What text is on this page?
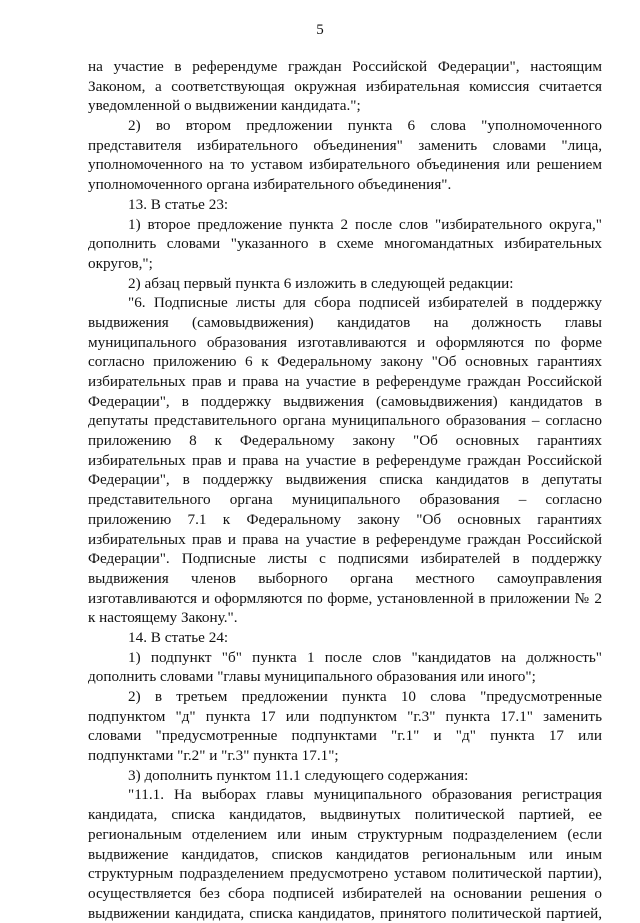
5
на участие в референдуме граждан Российской Федерации", настоящим
Законом, а соответствующая окружная избирательная комиссия считается
уведомленной о выдвижении кандидата.";
2) во втором предложении пункта 6 слова "уполномоченного
представителя избирательного объединения" заменить словами "лица,
уполномоченного на то уставом избирательного объединения или решением
уполномоченного органа избирательного объединения".
13. В статье 23:
1) второе предложение пункта 2 после слов "избирательного округа,"
дополнить словами "указанного в схеме многомандатных избирательных
округов,";
2) абзац первый пункта 6 изложить в следующей редакции:
"6. Подписные листы для сбора подписей избирателей в поддержку
выдвижения (самовыдвижения) кандидатов на должность главы
муниципального образования изготавливаются и оформляются по форме
согласно приложению 6 к Федеральному закону "Об основных гарантиях
избирательных прав и права на участие в референдуме граждан Российской
Федерации", в поддержку выдвижения (самовыдвижения) кандидатов в
депутаты представительного органа муниципального образования – согласно
приложению 8 к Федеральному закону "Об основных гарантиях
избирательных прав и права на участие в референдуме граждан Российской
Федерации", в поддержку выдвижения списка кандидатов в депутаты
представительного органа муниципального образования – согласно
приложению 7.1 к Федеральному закону "Об основных гарантиях
избирательных прав и права на участие в референдуме граждан Российской
Федерации". Подписные листы с подписями избирателей в поддержку
выдвижения членов выборного органа местного самоуправления
изготавливаются и оформляются по форме, установленной в приложении № 2
к настоящему Закону.".
14. В статье 24:
1) подпункт "б" пункта 1 после слов "кандидатов на должность"
дополнить словами "главы муниципального образования или иного";
2) в третьем предложении пункта 10 слова "предусмотренные
подпунктом "д" пункта 17 или подпунктом "г.3" пункта 17.1" заменить
словами "предусмотренные подпунктами "г.1" и "д" пункта 17 или
подпунктами "г.2" и "г.3" пункта 17.1";
3) дополнить пунктом 11.1 следующего содержания:
"11.1. На выборах главы муниципального образования регистрация
кандидата, списка кандидатов, выдвинутых политической партией, ее
региональным отделением или иным структурным подразделением (если
выдвижение кандидатов, списков кандидатов региональным или иным
структурным подразделением предусмотрено уставом политической партии),
осуществляется без сбора подписей избирателей на основании решения о
выдвижении кандидата, списка кандидатов, принятого политической партией,
